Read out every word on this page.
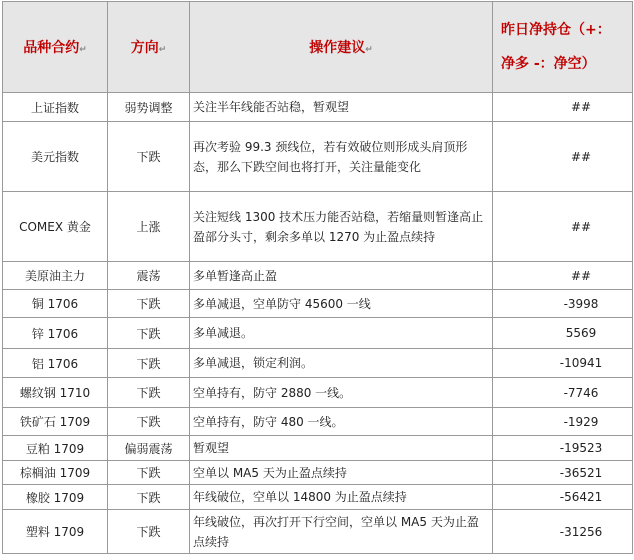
品种合约↵	方向↵	操作建议↵	昨日净持仓（+：
净多 -：净空）
上证指数	弱势调整	关注半年线能否站稳，暂观望	##
美元指数	下跌	再次考验 99.3 颈线位，若有效破位则形成头肩顶形态，那么下跌空间也将打开，关注量能变化	##
COMEX 黄金	上涨	关注短线 1300 技术压力能否站稳，若缩量则暂逢高止盈部分头寸，剩余多单以 1270 为止盈点续持	##
美原油主力	震荡	多单暂逢高止盈	##
铜 1706	下跌	多单减退，空单防守 45600 一线	-3998
锌 1706	下跌	多单减退。	5569
铝 1706	下跌	多单减退，锁定利润。	-10941
螺纹钢 1710	下跌	空单持有，防守 2880 一线。	-7746
铁矿石 1709	下跌	空单持有，防守 480 一线。	-1929
豆粕 1709	偏弱震荡	暂观望	-19523
棕榈油 1709	下跌	空单以 MA5 天为止盈点续持	-36521
橡胶 1709	下跌	年线破位，空单以 14800 为止盈点续持	-56421
塑料 1709	下跌	年线破位，再次打开下行空间，空单以 MA5 天为止盈点续持	-31256
